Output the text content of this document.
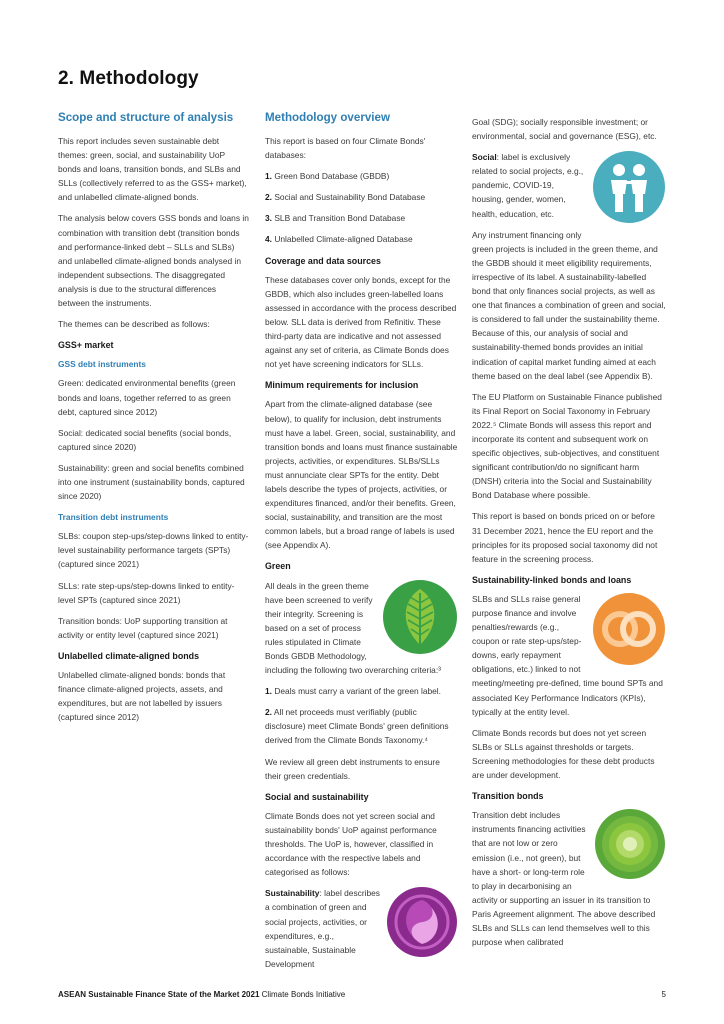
2. Methodology
Scope and structure of analysis

This report includes seven sustainable debt themes: green, social, and sustainability UoP bonds and loans, transition bonds, and SLBs and SLLs (collectively referred to as the GSS+ market), and unlabelled climate-aligned bonds.

The analysis below covers GSS bonds and loans in combination with transition debt (transition bonds and performance-linked debt – SLLs and SLBs) and unlabelled climate-aligned bonds analysed in independent subsections. The disaggregated analysis is due to the structural differences between the instruments.

The themes can be described as follows:

GSS+ market
GSS debt instruments

Green: dedicated environmental benefits (green bonds and loans, together referred to as green debt, captured since 2012)

Social: dedicated social benefits (social bonds, captured since 2020)

Sustainability: green and social benefits combined into one instrument (sustainability bonds, captured since 2020)

Transition debt instruments

SLBs: coupon step-ups/step-downs linked to entity-level sustainability performance targets (SPTs) (captured since 2021)

SLLs: rate step-ups/step-downs linked to entity-level SPTs (captured since 2021)

Transition bonds: UoP supporting transition at activity or entity level (captured since 2021)

Unlabelled climate-aligned bonds

Unlabelled climate-aligned bonds: bonds that finance climate-aligned projects, assets, and expenditures, but are not labelled by issuers (captured since 2012)

Methodology overview

This report is based on four Climate Bonds' databases:

1. Green Bond Database (GBDB)

2. Social and Sustainability Bond Database

3. SLB and Transition Bond Database

4. Unlabelled Climate-aligned Database

Coverage and data sources

These databases cover only bonds, except for the GBDB, which also includes green-labelled loans assessed in accordance with the process described below. SLL data is derived from Refinitiv. These third-party data are indicative and not assessed against any set of criteria, as Climate Bonds does not yet have screening indicators for SLLs.

Minimum requirements for inclusion

Apart from the climate-aligned database (see below), to qualify for inclusion, debt instruments must have a label. Green, social, sustainability, and transition bonds and loans must finance sustainable projects, activities, or expenditures. SLBs/SLLs must annunciate clear SPTs for the entity. Debt labels describe the types of projects, activities, or expenditures financed, and/or their benefits. Green, social, sustainability, and transition are the most common labels, but a broad range of labels is used (see Appendix A).

Green

All deals in the green theme have been screened to verify their integrity. Screening is based on a set of process rules stipulated in Climate Bonds GBDB Methodology, including the following two overarching criteria:³

1. Deals must carry a variant of the green label.

2. All net proceeds must verifiably (public disclosure) meet Climate Bonds' green definitions derived from the Climate Bonds Taxonomy.⁴

We review all green debt instruments to ensure their green credentials.

Social and sustainability

Climate Bonds does not yet screen social and sustainability bonds' UoP against performance thresholds. The UoP is, however, classified in accordance with the respective labels and categorised as follows:

Sustainability: label describes a combination of green and social projects, activities, or expenditures, e.g., sustainable, Sustainable Development

Goal (SDG); socially responsible investment; or environmental, social and governance (ESG), etc.

Social: label is exclusively related to social projects, e.g., pandemic, COVID-19, housing, gender, women, health, education, etc.

Any instrument financing only green projects is included in the green theme, and the GBDB should it meet eligibility requirements, irrespective of its label. A sustainability-labelled bond that only finances social projects, as well as one that finances a combination of green and social, is considered to fall under the sustainability theme. Because of this, our analysis of social and sustainability-themed bonds provides an initial indication of capital market funding aimed at each theme based on the deal label (see Appendix B).

The EU Platform on Sustainable Finance published its Final Report on Social Taxonomy in February 2022.⁵ Climate Bonds will assess this report and incorporate its content and subsequent work on specific objectives, sub-objectives, and constituent significant contribution/do no significant harm (DNSH) criteria into the Social and Sustainability Bond Database where possible.

This report is based on bonds priced on or before 31 December 2021, hence the EU report and the principles for its proposed social taxonomy did not feature in the screening process.

Sustainability-linked bonds and loans

SLBs and SLLs raise general purpose finance and involve penalties/rewards (e.g., coupon or rate step-ups/step-downs, early repayment obligations, etc.) linked to not meeting/meeting pre-defined, time bound SPTs and associated Key Performance Indicators (KPIs), typically at the entity level.

Climate Bonds records but does not yet screen SLBs or SLLs against thresholds or targets. Screening methodologies for these debt products are under development.

Transition bonds

Transition debt includes instruments financing activities that are not low or zero emission (i.e., not green), but have a short- or long-term role to play in decarbonising an activity or supporting an issuer in its transition to Paris Agreement alignment. The above described SLBs and SLLs can lend themselves well to this purpose when calibrated

ASEAN Sustainable Finance State of the Market 2021 Climate Bonds Initiative	5
